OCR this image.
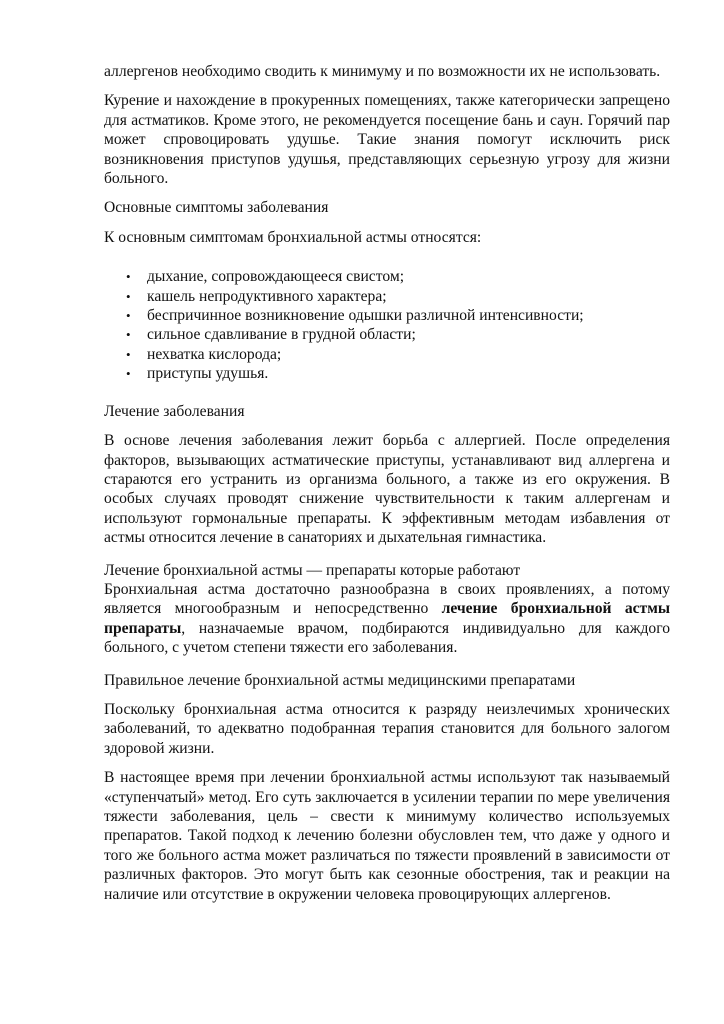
аллергенов необходимо сводить к минимуму и по возможности их не использовать.

Курение и нахождение в прокуренных помещениях, также категорически запрещено для астматиков. Кроме этого, не рекомендуется посещение бань и саун. Горячий пар может спровоцировать удушье. Такие знания помогут исключить риск возникновения приступов удушья, представляющих серьезную угрозу для жизни больного.

Основные симптомы заболевания

К основным симптомам бронхиальной астмы относятся:

• дыхание, сопровождающееся свистом;
• кашель непродуктивного характера;
• беспричинное возникновение одышки различной интенсивности;
• сильное сдавливание в грудной области;
• нехватка кислорода;
• приступы удушья.

Лечение заболевания

В основе лечения заболевания лежит борьба с аллергией. После определения факторов, вызывающих астматические приступы, устанавливают вид аллергена и стараются его устранить из организма больного, а также из его окружения. В особых случаях проводят снижение чувствительности к таким аллергенам и используют гормональные препараты. К эффективным методам избавления от астмы относится лечение в санаториях и дыхательная гимнастика.

Лечение бронхиальной астмы — препараты которые работают

Бронхиальная астма достаточно разнообразна в своих проявлениях, а потому является многообразным и непосредственно лечение бронхиальной астмы препараты, назначаемые врачом, подбираются индивидуально для каждого больного, с учетом степени тяжести его заболевания.

Правильное лечение бронхиальной астмы медицинскими препаратами

Поскольку бронхиальная астма относится к разряду неизлечимых хронических заболеваний, то адекватно подобранная терапия становится для больного залогом здоровой жизни.

В настоящее время при лечении бронхиальной астмы используют так называемый «ступенчатый» метод. Его суть заключается в усилении терапии по мере увеличения тяжести заболевания, цель – свести к минимуму количество используемых препаратов. Такой подход к лечению болезни обусловлен тем, что даже у одного и того же больного астма может различаться по тяжести проявлений в зависимости от различных факторов. Это могут быть как сезонные обострения, так и реакции на наличие или отсутствие в окружении человека провоцирующих аллергенов.
